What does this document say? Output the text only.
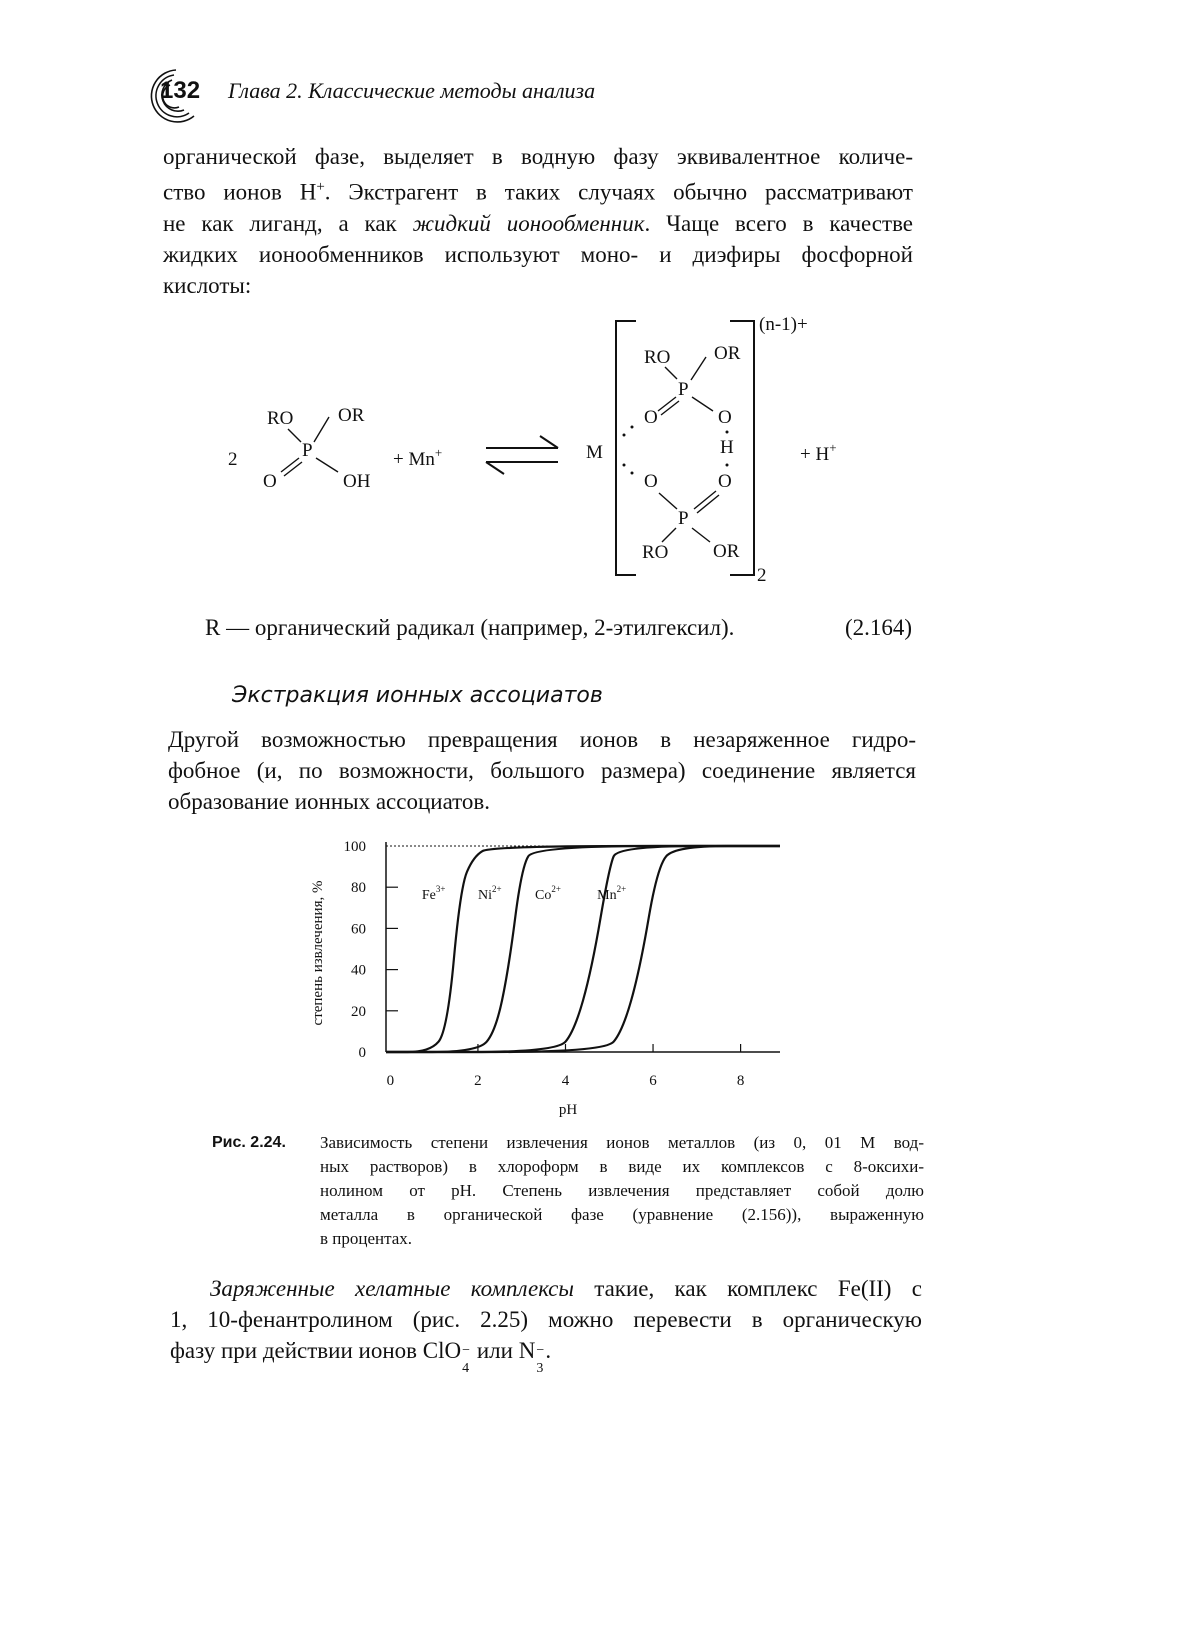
132 Глава 2. Классические методы анализа
органической фазе, выделяет в водную фазу эквивалентное количе-
ство ионов H+. Экстрагент в таких случаях обычно рассматривают
не как лиганд, а как жидкий ионообменник. Чаще всего в качестве
жидких ионообменников используют моно- и диэфиры фосфорной
кислоты:
2
RO OR
P
O	OH
+ Mn+	M
(n-1)+
2
RO OR
P
O	O
H
O	O
P
RO OR
+ H+
R — органический радикал (например, 2-этилгексил).	(2.164)
Экстракция ионных ассоциатов
Другой возможностью превращения ионов в незаряженное гидро-
фобное (и, по возможности, большого размера) соединение является
образование ионных ассоциатов.
0
20
40
60
80
100
0	2	4	6	8
pH
степень извлечения, %	$Fe^{3+}$ $Ni^{2+}$ $Co^{2+}$	$Mn^{2+}$
Рис. 2.24.	Зависимость степени извлечения ионов металлов (из 0, 01 M вод-
ных растворов) в хлороформ в виде их комплексов с 8-оксихи-
нолином от pH. Степень извлечения представляет собой долю
металла в органической фазе (уравнение (2.156)), выраженную
в процентах.
Заряженные хелатные комплексы такие, как комплекс Fe(II) с
1, 10-фенантролином (рис. 2.25) можно перевести в органическую
фазу при действии ионов ClO −
4
или N −
3
.
